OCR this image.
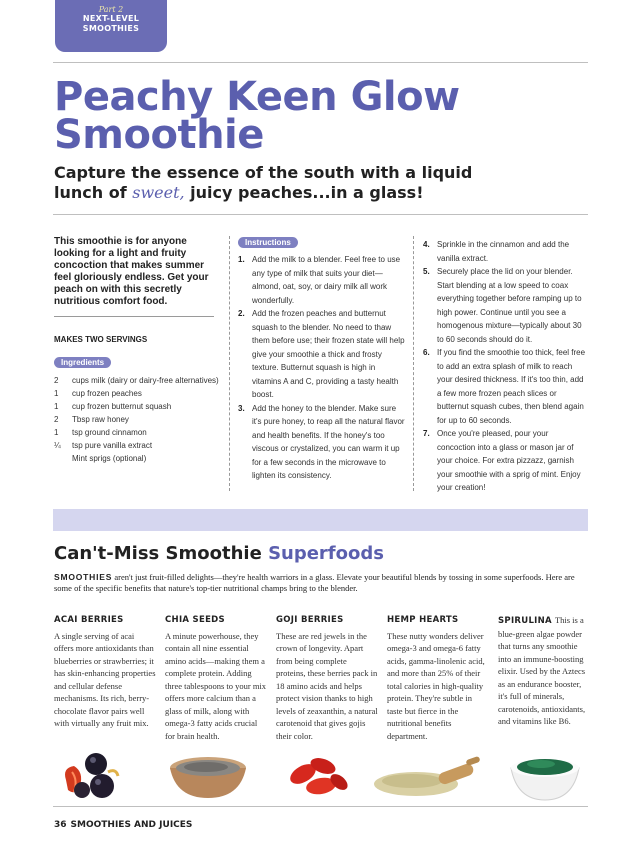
Part 2
NEXT-LEVEL
SMOOTHIES
Peachy Keen Glow
Smoothie
Capture the essence of the south with a liquid
lunch of sweet, juicy peaches...in a glass!
This smoothie is for anyone looking for a light and fruity concoction that makes summer feel gloriously endless. Get your peach on with this secretly nutritious comfort food.
MAKES TWO SERVINGS
Ingredients
2	cups milk (dairy or dairy-free alternatives)
1	cup frozen peaches
1	cup frozen butternut squash
2	Tbsp raw honey
1	tsp ground cinnamon
¼	tsp pure vanilla extract
Mint sprigs (optional)
Instructions
1. Add the milk to a blender. Feel free to use any type of milk that suits your diet—almond, oat, soy, or dairy milk all work wonderfully.
2. Add the frozen peaches and butternut squash to the blender. No need to thaw them before use; their frozen state will help give your smoothie a thick and frosty texture. Butternut squash is high in vitamins A and C, providing a tasty health boost.
3. Add the honey to the blender. Make sure it's pure honey, to reap all the natural flavor and health benefits. If the honey's too viscous or crystalized, you can warm it up for a few seconds in the microwave to lighten its consistency.
4. Sprinkle in the cinnamon and add the vanilla extract.
5. Securely place the lid on your blender. Start blending at a low speed to coax everything together before ramping up to high power. Continue until you see a homogenous mixture—typically about 30 to 60 seconds should do it.
6. If you find the smoothie too thick, feel free to add an extra splash of milk to reach your desired thickness. If it's too thin, add a few more frozen peach slices or butternut squash cubes, then blend again for up to 60 seconds.
7. Once you're pleased, pour your concoction into a glass or mason jar of your choice. For extra pizzazz, garnish your smoothie with a sprig of mint. Enjoy your creation!
Can't-Miss Smoothie Superfoods
SMOOTHIES aren't just fruit-filled delights—they're health warriors in a glass. Elevate your beautiful blends by tossing in some superfoods. Here are some of the specific benefits that nature's top-tier nutritional champs bring to the blender.
ACAI BERRIES
A single serving of acai offers more antioxidants than blueberries or strawberries; it has skin-enhancing properties and cellular defense mechanisms. Its rich, berry-chocolate flavor pairs well with virtually any fruit mix.
CHIA SEEDS
A minute powerhouse, they contain all nine essential amino acids—making them a complete protein. Adding three tablespoons to your mix offers more calcium than a glass of milk, along with omega-3 fatty acids crucial for brain health.
GOJI BERRIES
These are red jewels in the crown of longevity. Apart from being complete proteins, these berries pack in 18 amino acids and helps protect vision thanks to high levels of zeaxanthin, a natural carotenoid that gives gojis their color.
HEMP HEARTS
These nutty wonders deliver omega-3 and omega-6 fatty acids, gamma-linolenic acid, and more than 25% of their total calories in high-quality protein. They're subtle in taste but fierce in the nutritional benefits department.
SPIRULINA This is a blue-green algae powder that turns any smoothie into an immune-boosting elixir. Used by the Aztecs as an endurance booster, it's full of minerals, carotenoids, antioxidants, and vitamins like B6.
36 SMOOTHIES AND JUICES
